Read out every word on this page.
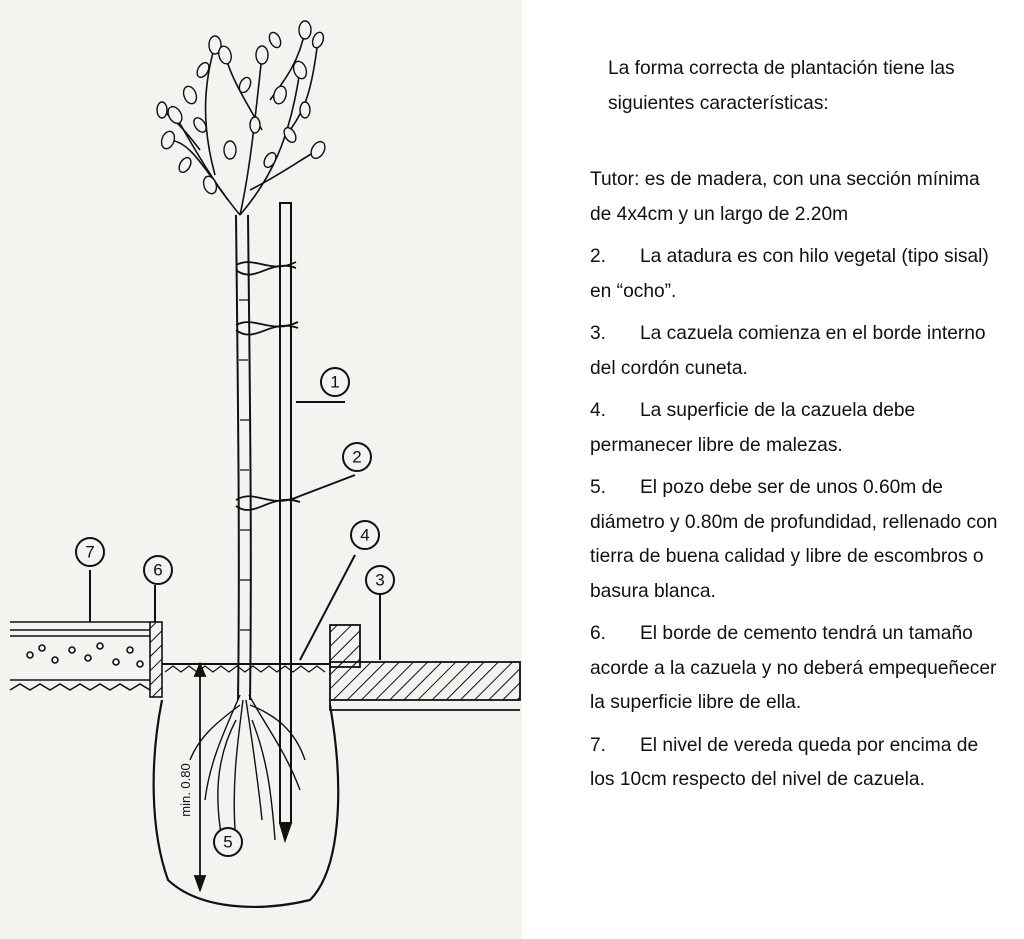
1
2
3
4
5
6
7
min. 0.80
La forma correcta de plantación tiene las siguientes características:
Tutor: es de madera, con una sección mínima de 4x4cm y un largo de 2.20m
2. La atadura es con hilo vegetal (tipo sisal) en “ocho”.
3. La cazuela comienza en el borde interno del cordón cuneta.
4. La superficie de la cazuela debe permanecer libre de malezas.
5. El pozo debe ser de unos 0.60m de diámetro y 0.80m de profundidad, rellenado con tierra de buena calidad y libre de escombros o basura blanca.
6. El borde de cemento tendrá un tamaño acorde a la cazuela y no deberá empequeñecer la superficie libre de ella.
7. El nivel de vereda queda por encima de los 10cm respecto del nivel de cazuela.
